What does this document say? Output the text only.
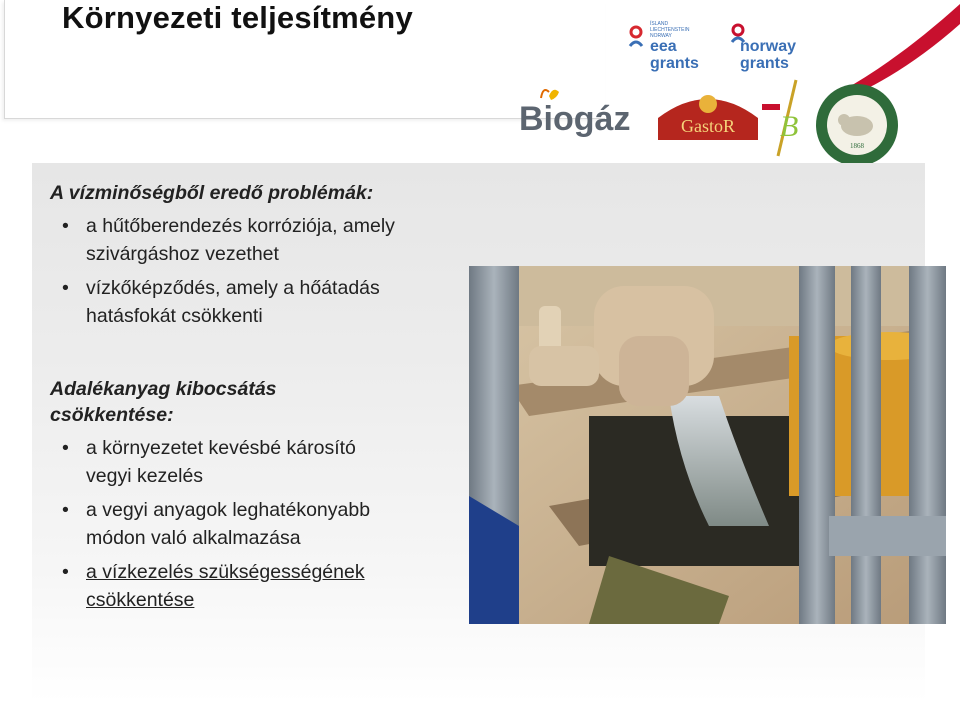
Környezeti teljesítmény	ÍSLAND
LIECHTENSTEIN
NORWAY
eea
grants
norway
grants
Biogáz	GastoR B
1868
A vízminőségből eredő problémák:
• a hűtőberendezés korróziója, amely
szivárgáshoz vezethet
• vízkőképződés, amely a hőátadás
hatásfokát csökkenti
Adalékanyag kibocsátás
csökkentése:
• a környezetet kevésbé károsító
vegyi kezelés
• a vegyi anyagok leghatékonyabb
módon való alkalmazása
• a vízkezelés szükségességének
csökkentése
